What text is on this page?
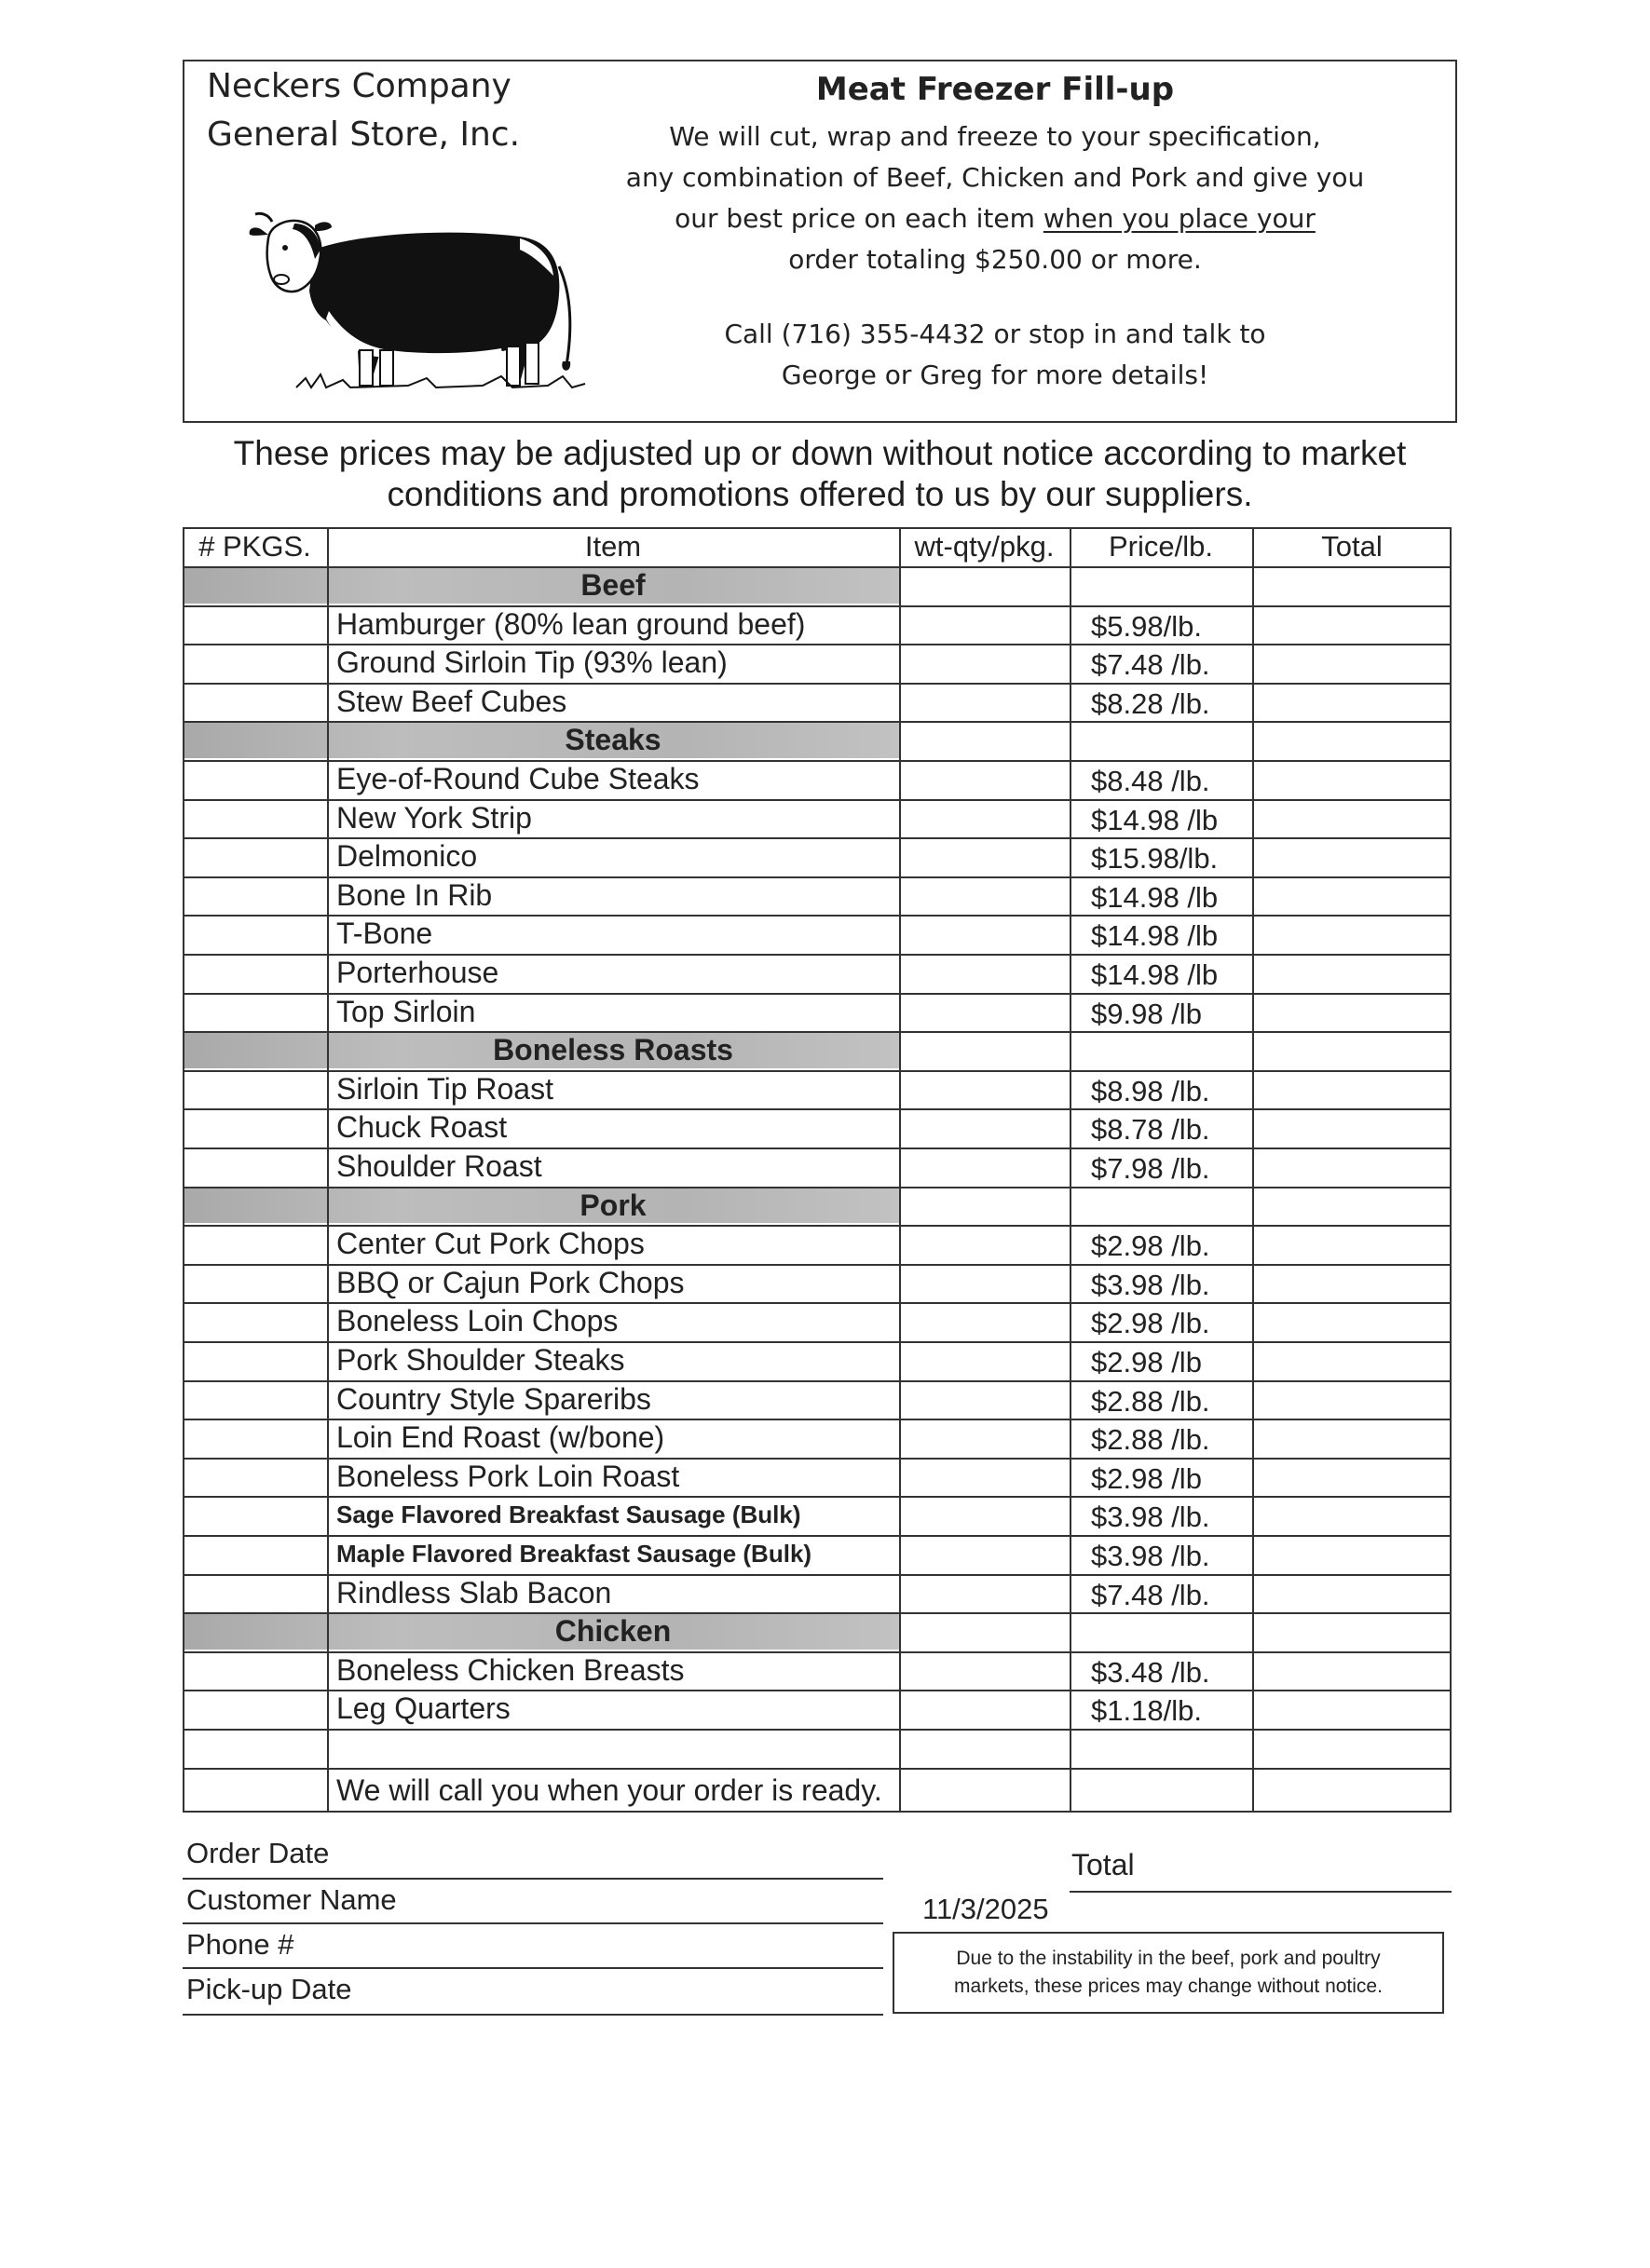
Neckers Company
General Store, Inc.
Meat Freezer Fill-up
We will cut, wrap and freeze to your specification,
any combination of Beef, Chicken and Pork and give you
our best price on each item when you place your
order totaling $250.00 or more.
Call (716) 355-4432 or stop in and talk to
George or Greg for more details!
These prices may be adjusted up or down without notice according to market
conditions and promotions offered to us by our suppliers.
# PKGS.	Item	wt-qty/pkg.	Price/lb.	Total
Beef
Hamburger (80% lean ground beef)	$5.98/lb.
Ground Sirloin Tip (93% lean)	$7.48 /lb.
Stew Beef Cubes	$8.28 /lb.
Steaks
Eye-of-Round Cube Steaks	$8.48 /lb.
New York Strip	$14.98 /lb
Delmonico	$15.98/lb.
Bone In Rib	$14.98 /lb
T-Bone	$14.98 /lb
Porterhouse	$14.98 /lb
Top Sirloin	$9.98 /lb
Boneless Roasts
Sirloin Tip Roast	$8.98 /lb.
Chuck Roast	$8.78 /lb.
Shoulder Roast	$7.98 /lb.
Pork
Center Cut Pork Chops	$2.98 /lb.
BBQ or Cajun Pork Chops	$3.98 /lb.
Boneless Loin Chops	$2.98 /lb.
Pork Shoulder Steaks	$2.98 /lb
Country Style Spareribs	$2.88 /lb.
Loin End Roast (w/bone)	$2.88 /lb.
Boneless Pork Loin Roast	$2.98 /lb
Sage Flavored Breakfast Sausage (Bulk)	$3.98 /lb.
Maple Flavored Breakfast Sausage (Bulk)	$3.98 /lb.
Rindless Slab Bacon	$7.48 /lb.
Chicken
Boneless Chicken Breasts	$3.48 /lb.
Leg Quarters	$1.18/lb.
We will call you when your order is ready.
Order Date
Customer Name
Phone #
Pick-up Date
Total
11/3/2025
Due to the instability in the beef, pork and poultry
markets, these prices may change without notice.
